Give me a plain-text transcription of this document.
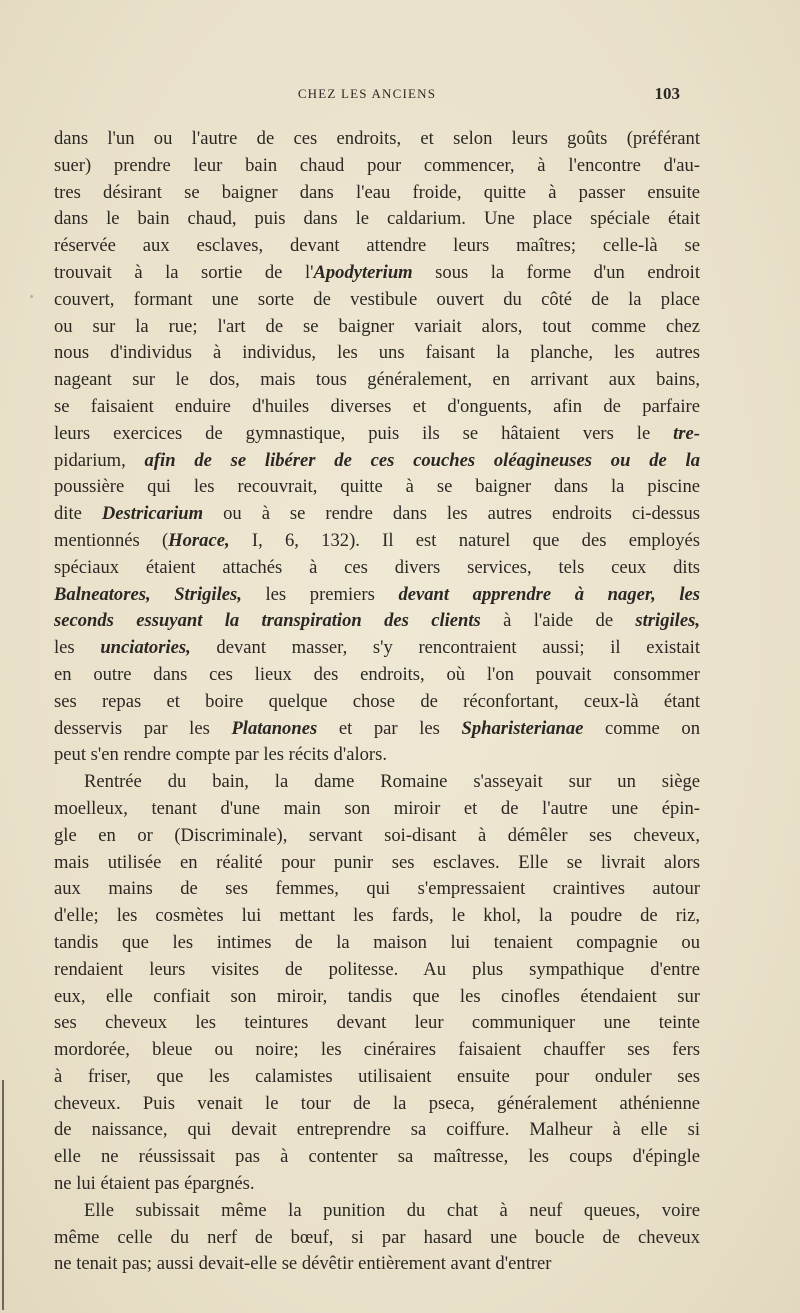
CHEZ LES ANCIENS	103
dans l'un ou l'autre de ces endroits, et selon leurs goûts (préférant
suer) prendre leur bain chaud pour commencer, à l'encontre d'au-
tres désirant se baigner dans l'eau froide, quitte à passer ensuite
dans le bain chaud, puis dans le caldarium. Une place spéciale était
réservée aux esclaves, devant attendre leurs maîtres; celle-là se
trouvait à la sortie de l'Apodyterium sous la forme d'un endroit
couvert, formant une sorte de vestibule ouvert du côté de la place
ou sur la rue; l'art de se baigner variait alors, tout comme chez
nous d'individus à individus, les uns faisant la planche, les autres
nageant sur le dos, mais tous généralement, en arrivant aux bains,
se faisaient enduire d'huiles diverses et d'onguents, afin de parfaire
leurs exercices de gymnastique, puis ils se hâtaient vers le tre-
pidarium, afin de se libérer de ces couches oléagineuses ou de la
poussière qui les recouvrait, quitte à se baigner dans la piscine
dite Destricarium ou à se rendre dans les autres endroits ci-dessus
mentionnés (Horace, I, 6, 132). Il est naturel que des employés
spéciaux étaient attachés à ces divers services, tels ceux dits
Balneatores, Strigiles, les premiers devant apprendre à nager, les
seconds essuyant la transpiration des clients à l'aide de strigiles,
les unciatories, devant masser, s'y rencontraient aussi; il existait
en outre dans ces lieux des endroits, où l'on pouvait consommer
ses repas et boire quelque chose de réconfortant, ceux-là étant
desservis par les Platanones et par les Spharisterianae comme on
peut s'en rendre compte par les récits d'alors.
Rentrée du bain, la dame Romaine s'asseyait sur un siège
moelleux, tenant d'une main son miroir et de l'autre une épin-
gle en or (Discriminale), servant soi-disant à démêler ses cheveux,
mais utilisée en réalité pour punir ses esclaves. Elle se livrait alors
aux mains de ses femmes, qui s'empressaient craintives autour
d'elle; les cosmètes lui mettant les fards, le khol, la poudre de riz,
tandis que les intimes de la maison lui tenaient compagnie ou
rendaient leurs visites de politesse. Au plus sympathique d'entre
eux, elle confiait son miroir, tandis que les cinofles étendaient sur
ses cheveux les teintures devant leur communiquer une teinte
mordorée, bleue ou noire; les cinéraires faisaient chauffer ses fers
à friser, que les calamistes utilisaient ensuite pour onduler ses
cheveux. Puis venait le tour de la pseca, généralement athénienne
de naissance, qui devait entreprendre sa coiffure. Malheur à elle si
elle ne réussissait pas à contenter sa maîtresse, les coups d'épingle
ne lui étaient pas épargnés.
Elle subissait même la punition du chat à neuf queues, voire
même celle du nerf de bœuf, si par hasard une boucle de cheveux
ne tenait pas; aussi devait-elle se dévêtir entièrement avant d'entrer
